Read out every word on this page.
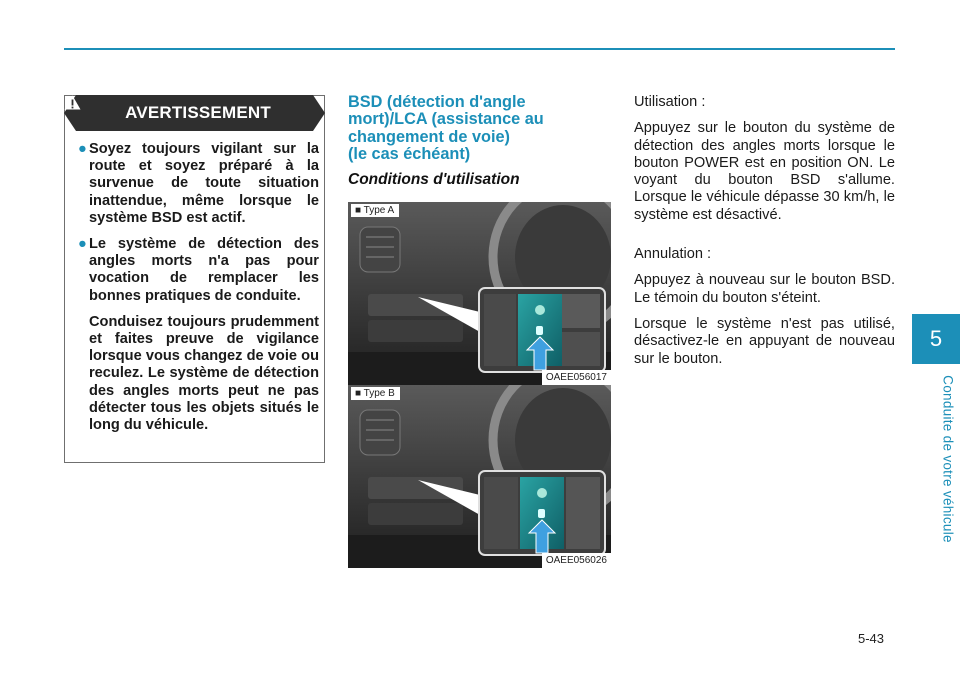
AVERTISSEMENT
● Soyez toujours vigilant sur la route et soyez préparé à la survenue de toute situation inattendue, même lorsque le système BSD est actif.
● Le système de détection des angles morts n'a pas pour vocation de remplacer les bonnes pratiques de conduite.
Conduisez toujours prudemment et faites preuve de vigilance lorsque vous changez de voie ou reculez. Le système de détection des angles morts peut ne pas détecter tous les objets situés le long du véhicule.
BSD (détection d'angle
mort)/LCA (assistance au
changement de voie)
(le cas échéant)
Conditions d'utilisation
■ Type A
OAEE056017
■ Type B
OAEE056026

Utilisation :

Appuyez sur le bouton du système de détection des angles morts lorsque le bouton POWER est en position ON. Le voyant du bouton BSD s'allume. Lorsque le véhicule dépasse 30 km/h, le système est désactivé.

Annulation :

Appuyez à nouveau sur le bouton BSD. Le témoin du bouton s'éteint.

Lorsque le système n'est pas utilisé, désactivez-le en appuyant de nouveau sur le bouton.

5
Conduite de votre véhicule
5-43
